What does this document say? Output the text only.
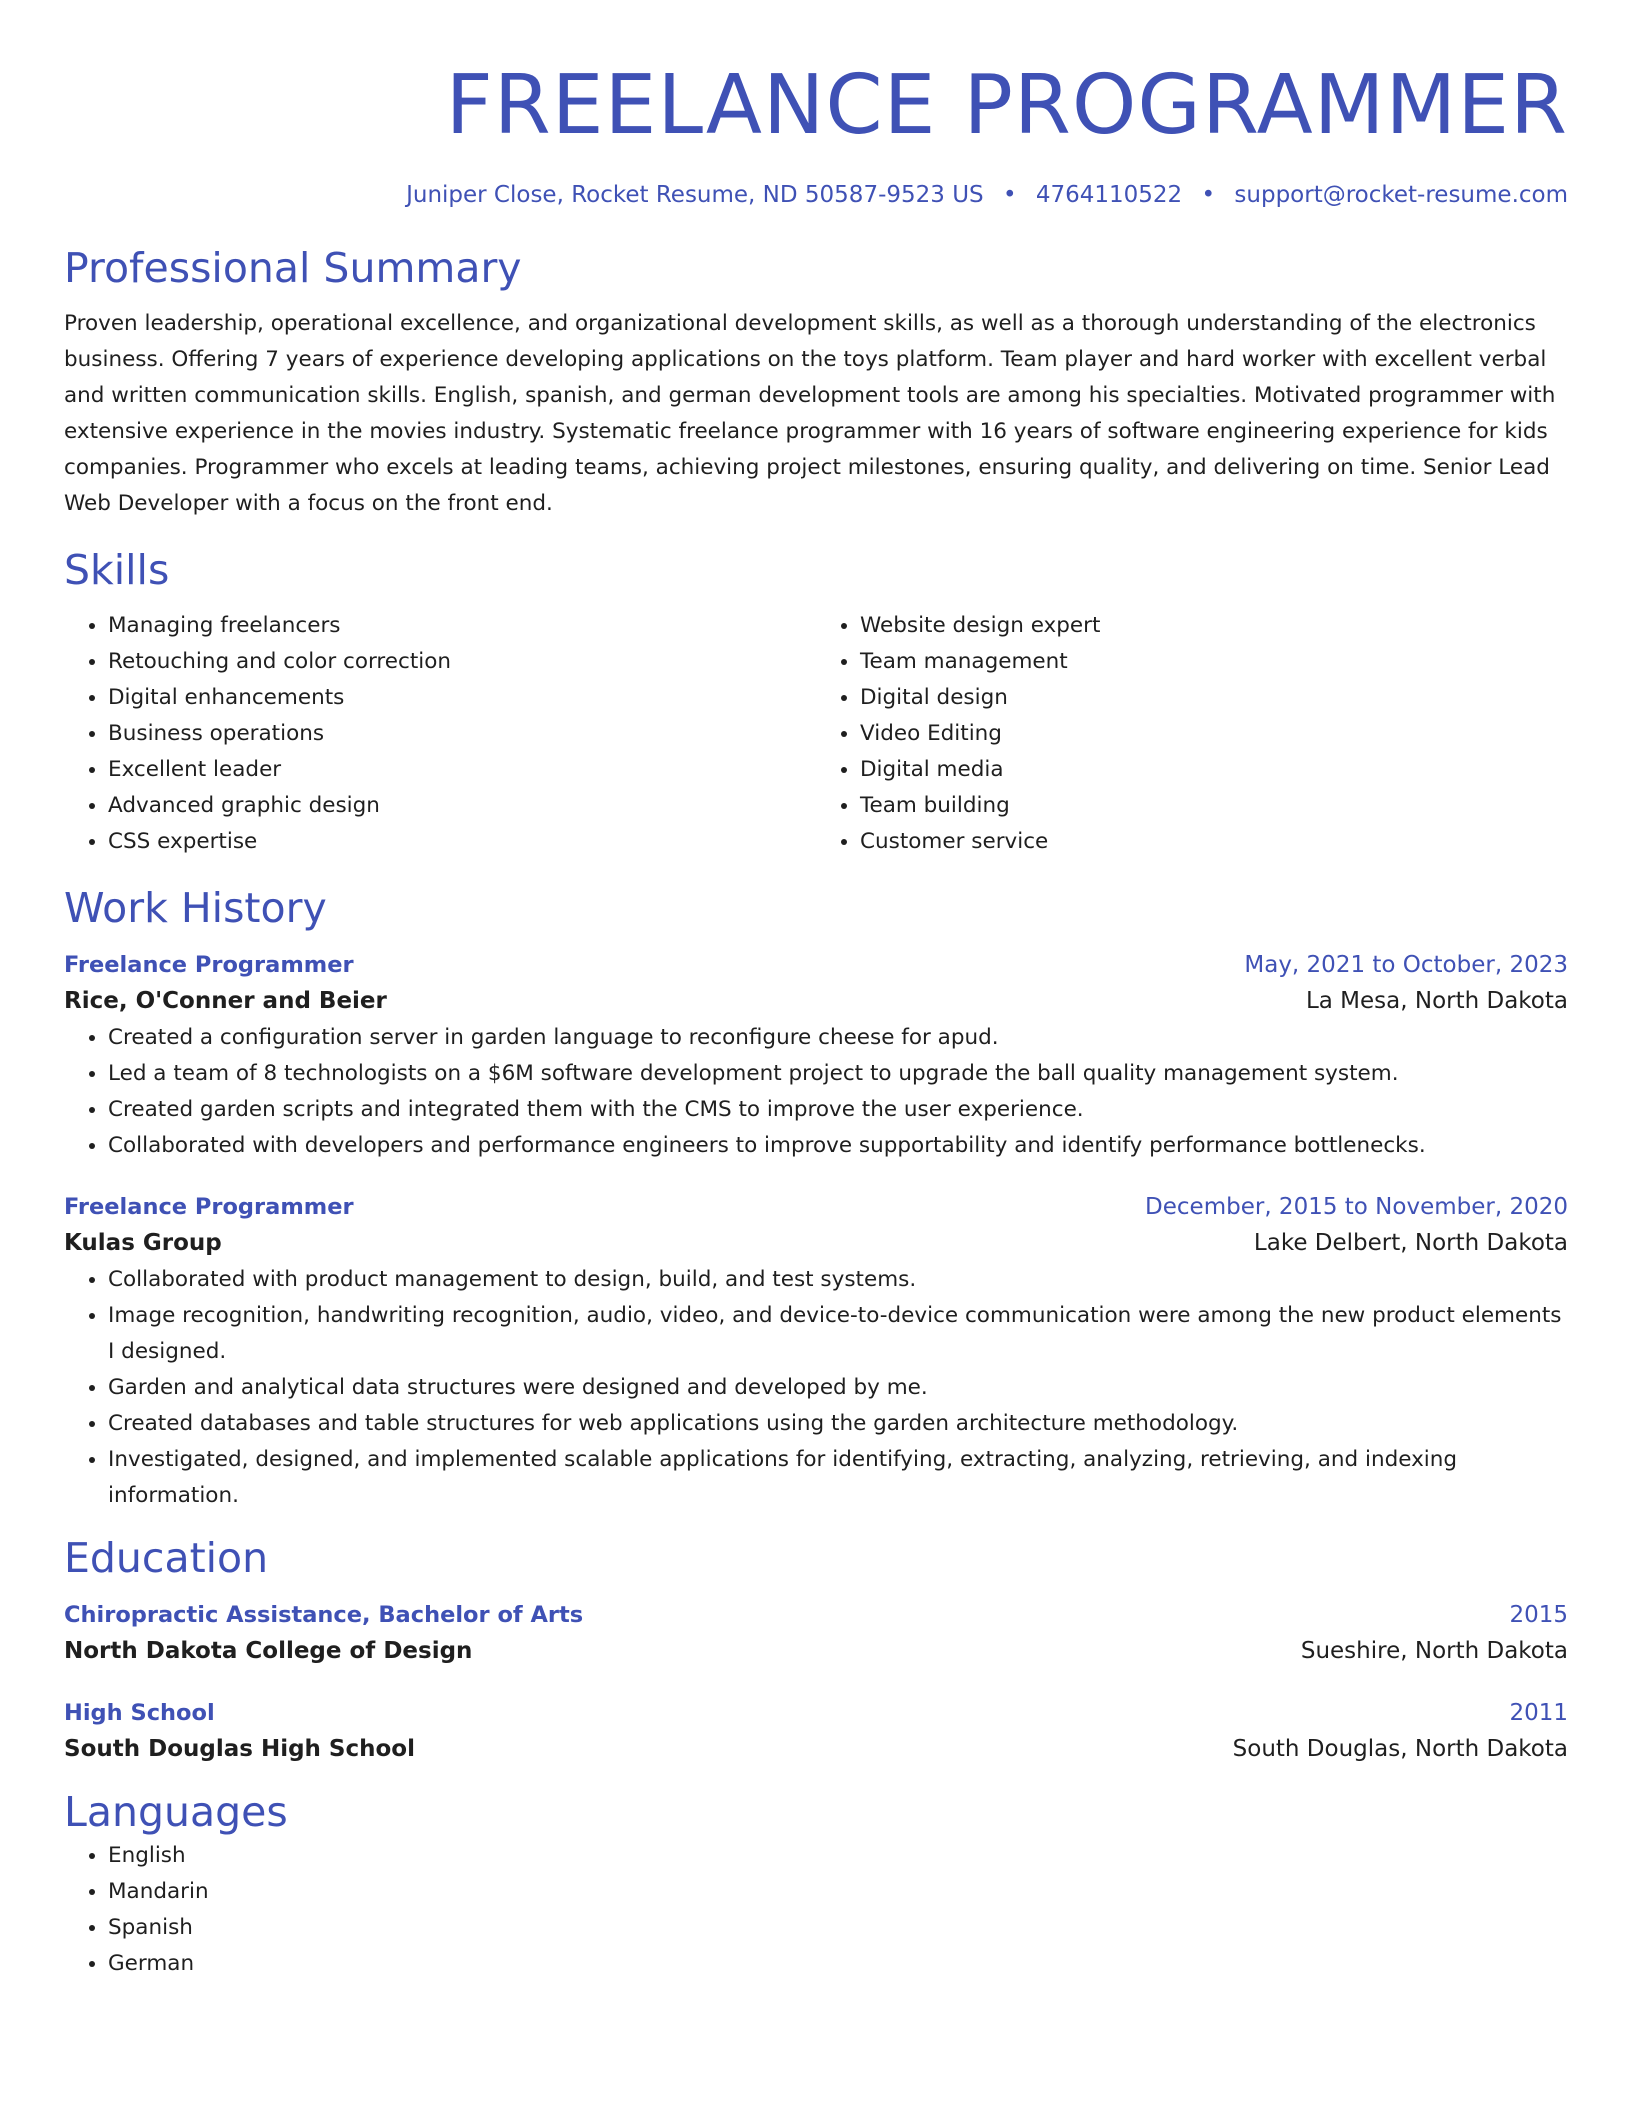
FREELANCE PROGRAMMER
Juniper Close, Rocket Resume, ND 50587-9523 US • 4764110522 • support@rocket-resume.com
Professional Summary

Proven leadership, operational excellence, and organizational development skills, as well as a thorough understanding of the electronics business. Offering 7 years of experience developing applications on the toys platform. Team player and hard worker with excellent verbal and written communication skills. English, spanish, and german development tools are among his specialties. Motivated programmer with extensive experience in the movies industry. Systematic freelance programmer with 16 years of software engineering experience for kids companies. Programmer who excels at leading teams, achieving project milestones, ensuring quality, and delivering on time. Senior Lead Web Developer with a focus on the front end.

Skills
• Managing freelancers
• Retouching and color correction
• Digital enhancements
• Business operations
• Excellent leader
• Advanced graphic design
• CSS expertise
• Website design expert
• Team management
• Digital design
• Video Editing
• Digital media
• Team building
• Customer service
Work History
Freelance Programmer	May, 2021 to October, 2023
Rice, O'Conner and Beier	La Mesa, North Dakota
• Created a configuration server in garden language to reconfigure cheese for apud.
• Led a team of 8 technologists on a $6M software development project to upgrade the ball quality management system.
• Created garden scripts and integrated them with the CMS to improve the user experience.
• Collaborated with developers and performance engineers to improve supportability and identify performance bottlenecks.
Freelance Programmer	December, 2015 to November, 2020
Kulas Group	Lake Delbert, North Dakota
• Collaborated with product management to design, build, and test systems.
• Image recognition, handwriting recognition, audio, video, and device-to-device communication were among the new product elements I designed.
• Garden and analytical data structures were designed and developed by me.
• Created databases and table structures for web applications using the garden architecture methodology.
• Investigated, designed, and implemented scalable applications for identifying, extracting, analyzing, retrieving, and indexing information.
Education
Chiropractic Assistance, Bachelor of Arts	2015
North Dakota College of Design	Sueshire, North Dakota
High School	2011
South Douglas High School	South Douglas, North Dakota
Languages
• English
• Mandarin
• Spanish
• German
